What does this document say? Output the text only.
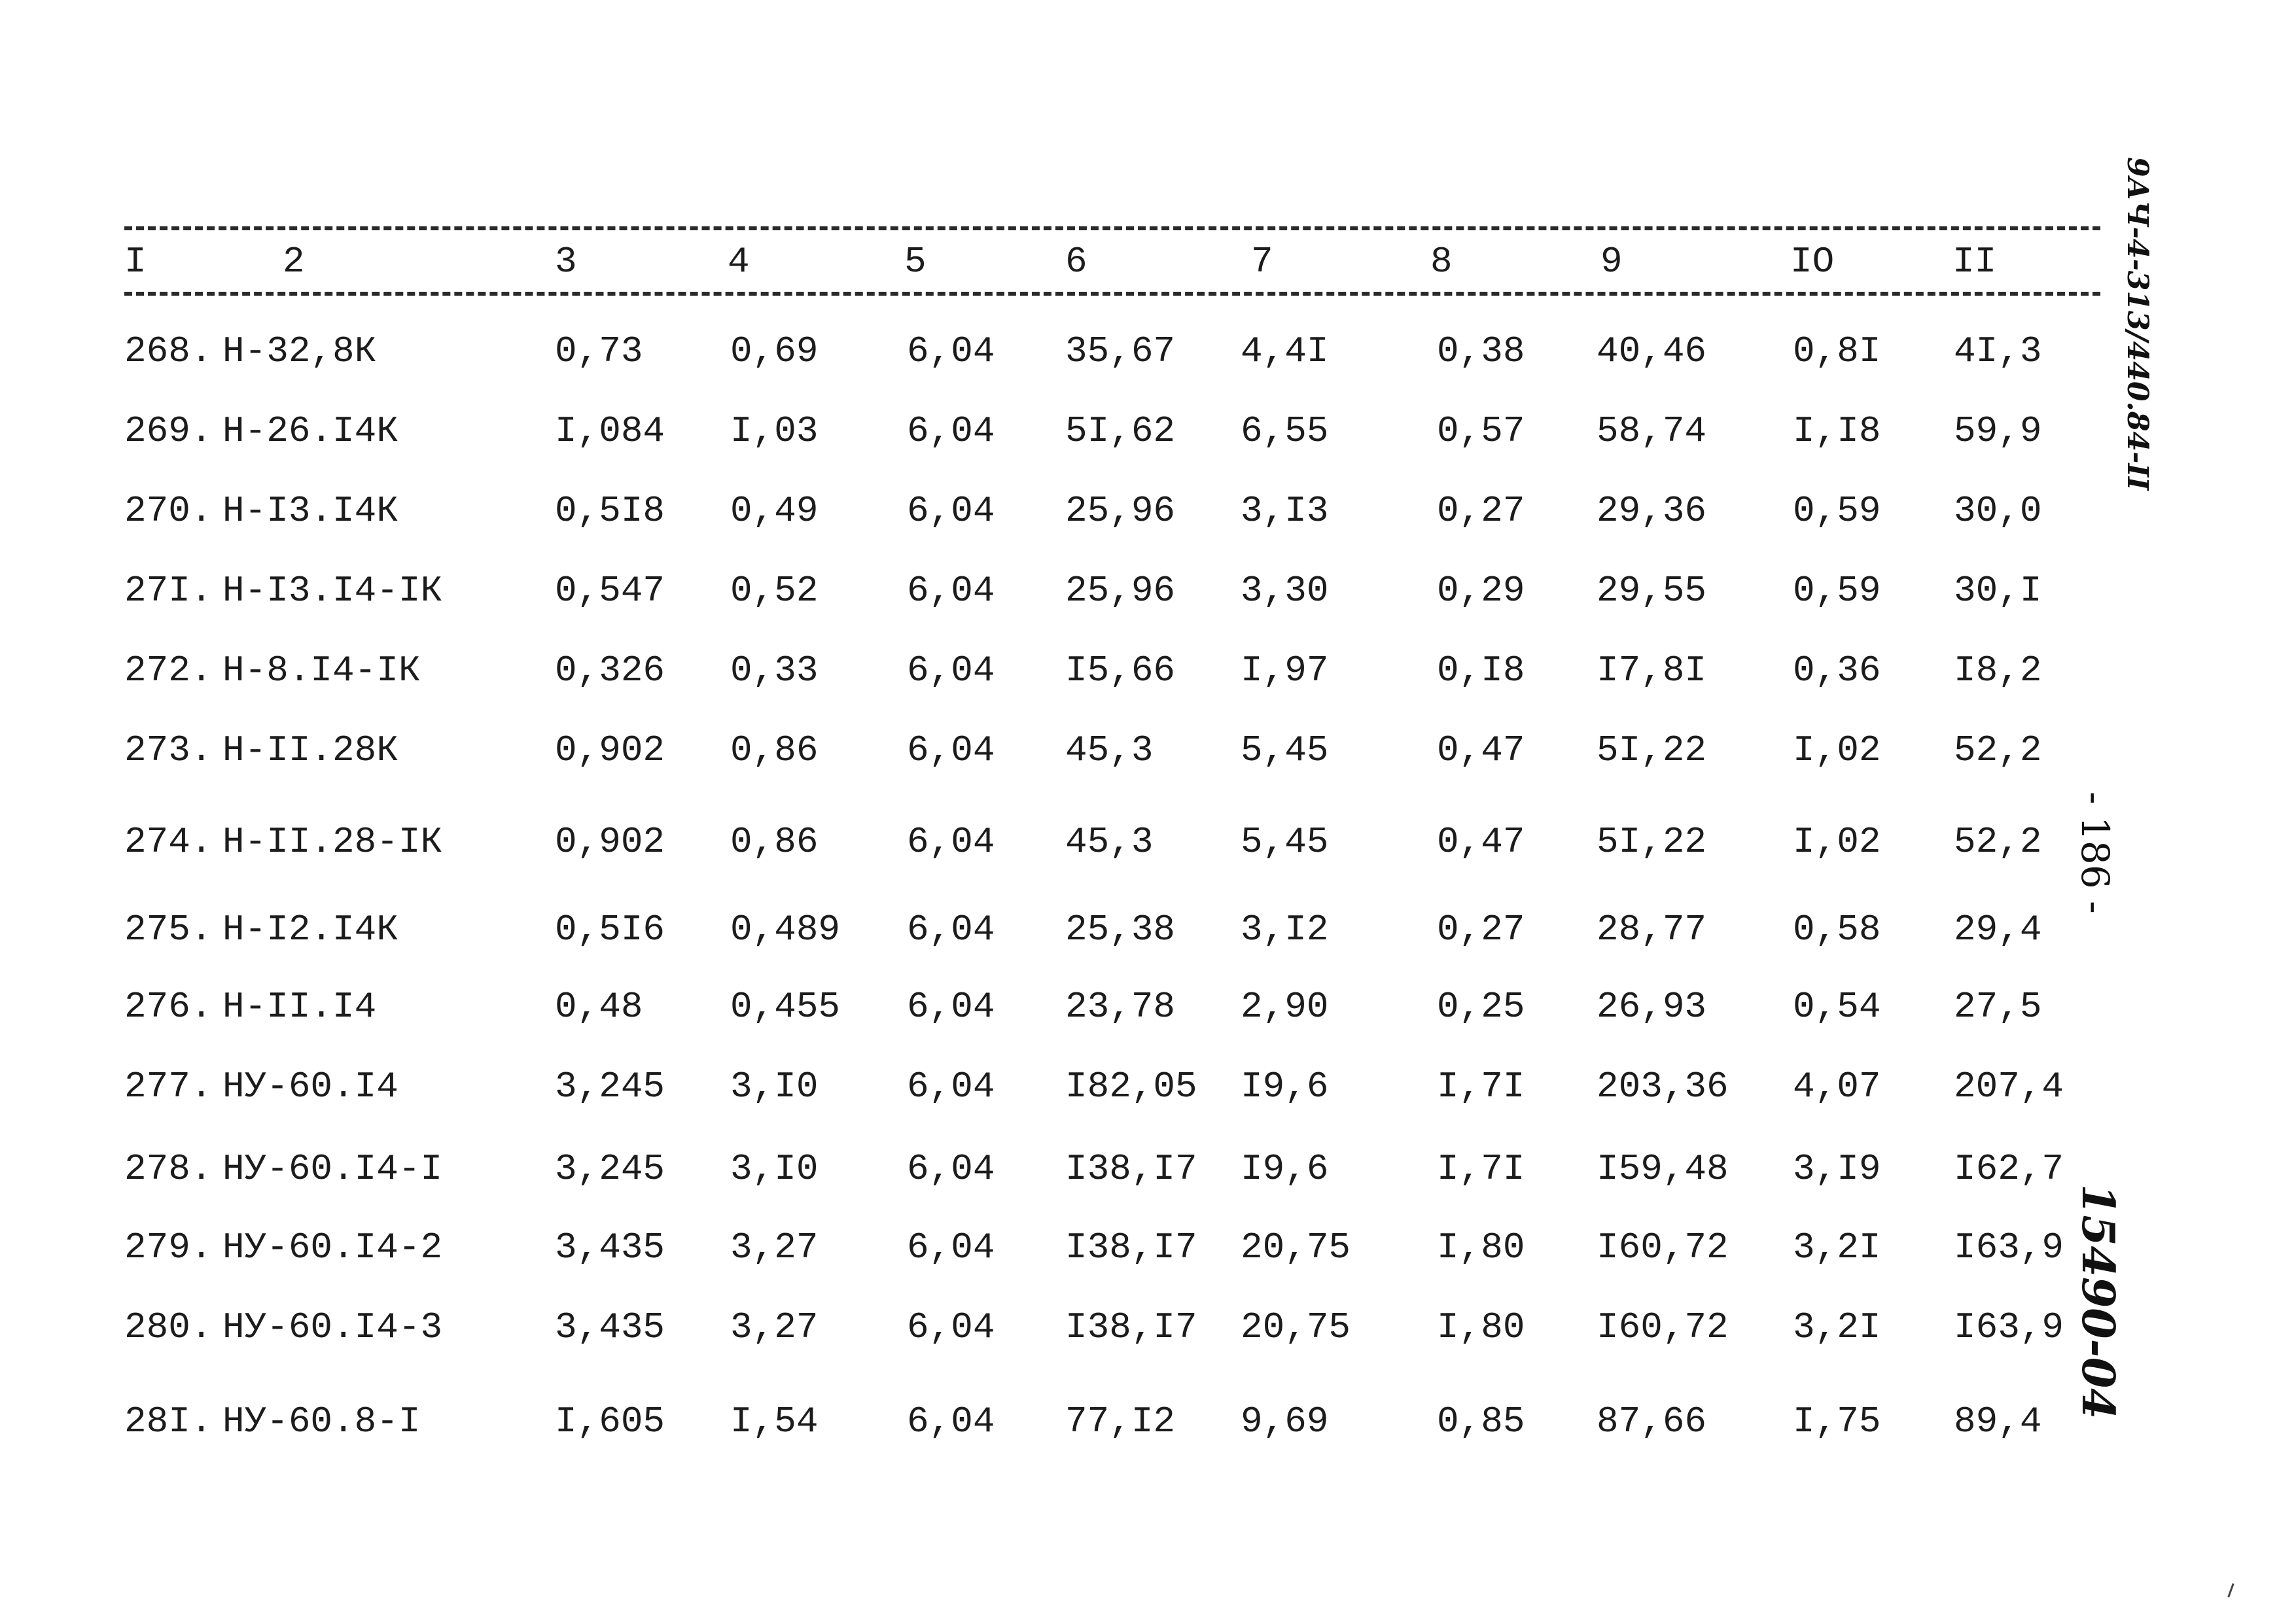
I	2	3	4	5	6	7	8	9	IO	II
268. Н-32,8К	0,73 0,69 6,04 35,67 4,4I	0,38 40,46 0,8I 4I,3
269. Н-26.I4К	I,084 I,03 6,04 5I,62 6,55	0,57 58,74 I,I8 59,9
270. Н-I3.I4К	0,5I8 0,49 6,04 25,96 3,I3	0,27 29,36 0,59 30,0
27I. Н-I3.I4-IК	0,547 0,52 6,04 25,96 3,30	0,29 29,55 0,59 30,I
272. Н-8.I4-IК	0,326 0,33 6,04 I5,66 I,97	0,I8 I7,8I 0,36 I8,2
273. Н-II.28К	0,902 0,86 6,04 45,3 5,45	0,47 5I,22 I,02 52,2
274. Н-II.28-IК	0,902 0,86 6,04 45,3 5,45	0,47 5I,22 I,02 52,2
275. Н-I2.I4К	0,5I6 0,489 6,04 25,38 3,I2	0,27 28,77 0,58 29,4
276. Н-II.I4	0,48 0,455 6,04 23,78 2,90	0,25 26,93 0,54 27,5
277. НУ-60.I4	3,245 3,I0 6,04 I82,05 I9,6	I,7I 203,36 4,07 207,4
278. НУ-60.I4-I	3,245 3,I0 6,04 I38,I7 I9,6	I,7I I59,48 3,I9 I62,7
279. НУ-60.I4-2	3,435 3,27 6,04 I38,I7 20,75 I,80 I60,72 3,2I I63,9
280. НУ-60.I4-3	3,435 3,27 6,04 I38,I7 20,75 I,80 I60,72 3,2I I63,9
28I. НУ-60.8-I	I,605 I,54 6,04 77,I2 9,69	0,85 87,66 I,75 89,4
9АЧ-4-313/440.84-ІІ
- 186 -
15490-04
